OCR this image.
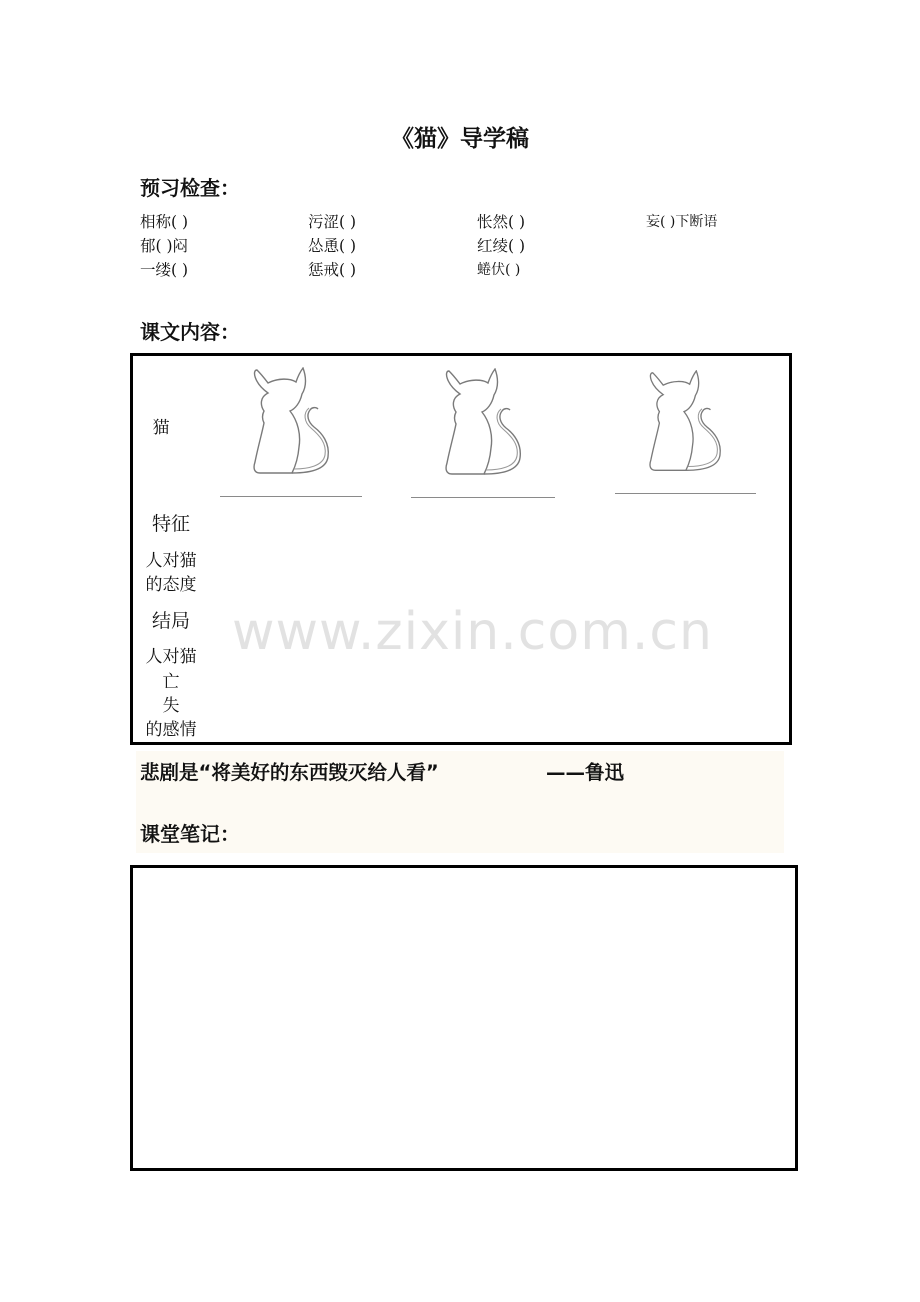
《猫》导学稿
预习检查：
相称( )	污涩( )	怅然( )	妄( )下断语
郁( )闷	怂恿( )	红绫( )
一缕( )	惩戒( )	蜷伏( )
课文内容：
猫
特征
人对猫
的态度
结局
人对猫
亡
失
的感情
www.zixin.com.cn
悲剧是“将美好的东西毁灭给人看”	——鲁迅
课堂笔记：
